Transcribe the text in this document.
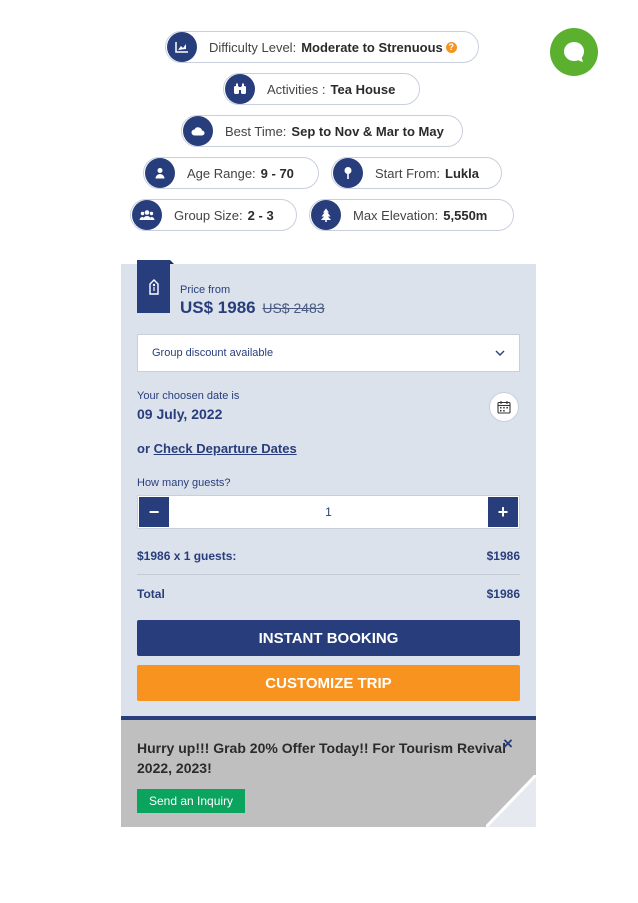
Difficulty Level: Moderate to Strenuous ?
Activities : Tea House
Best Time: Sep to Nov & Mar to May
Age Range: 9 - 70	Start From: Lukla
Group Size: 2 - 3	Max Elevation: 5,550m
Price from
US$ 1986 US$ 2483
Group discount available
Your choosen date is
09 July, 2022
or Check Departure Dates
How many guests?
−	1	+
$1986 x 1 guests:	$1986
Total	$1986
INSTANT BOOKING
CUSTOMIZE TRIP
Hurry up!!! Grab 20% Offer Today!! For Tourism Revival 2022, 2023!
×
Send an Inquiry
